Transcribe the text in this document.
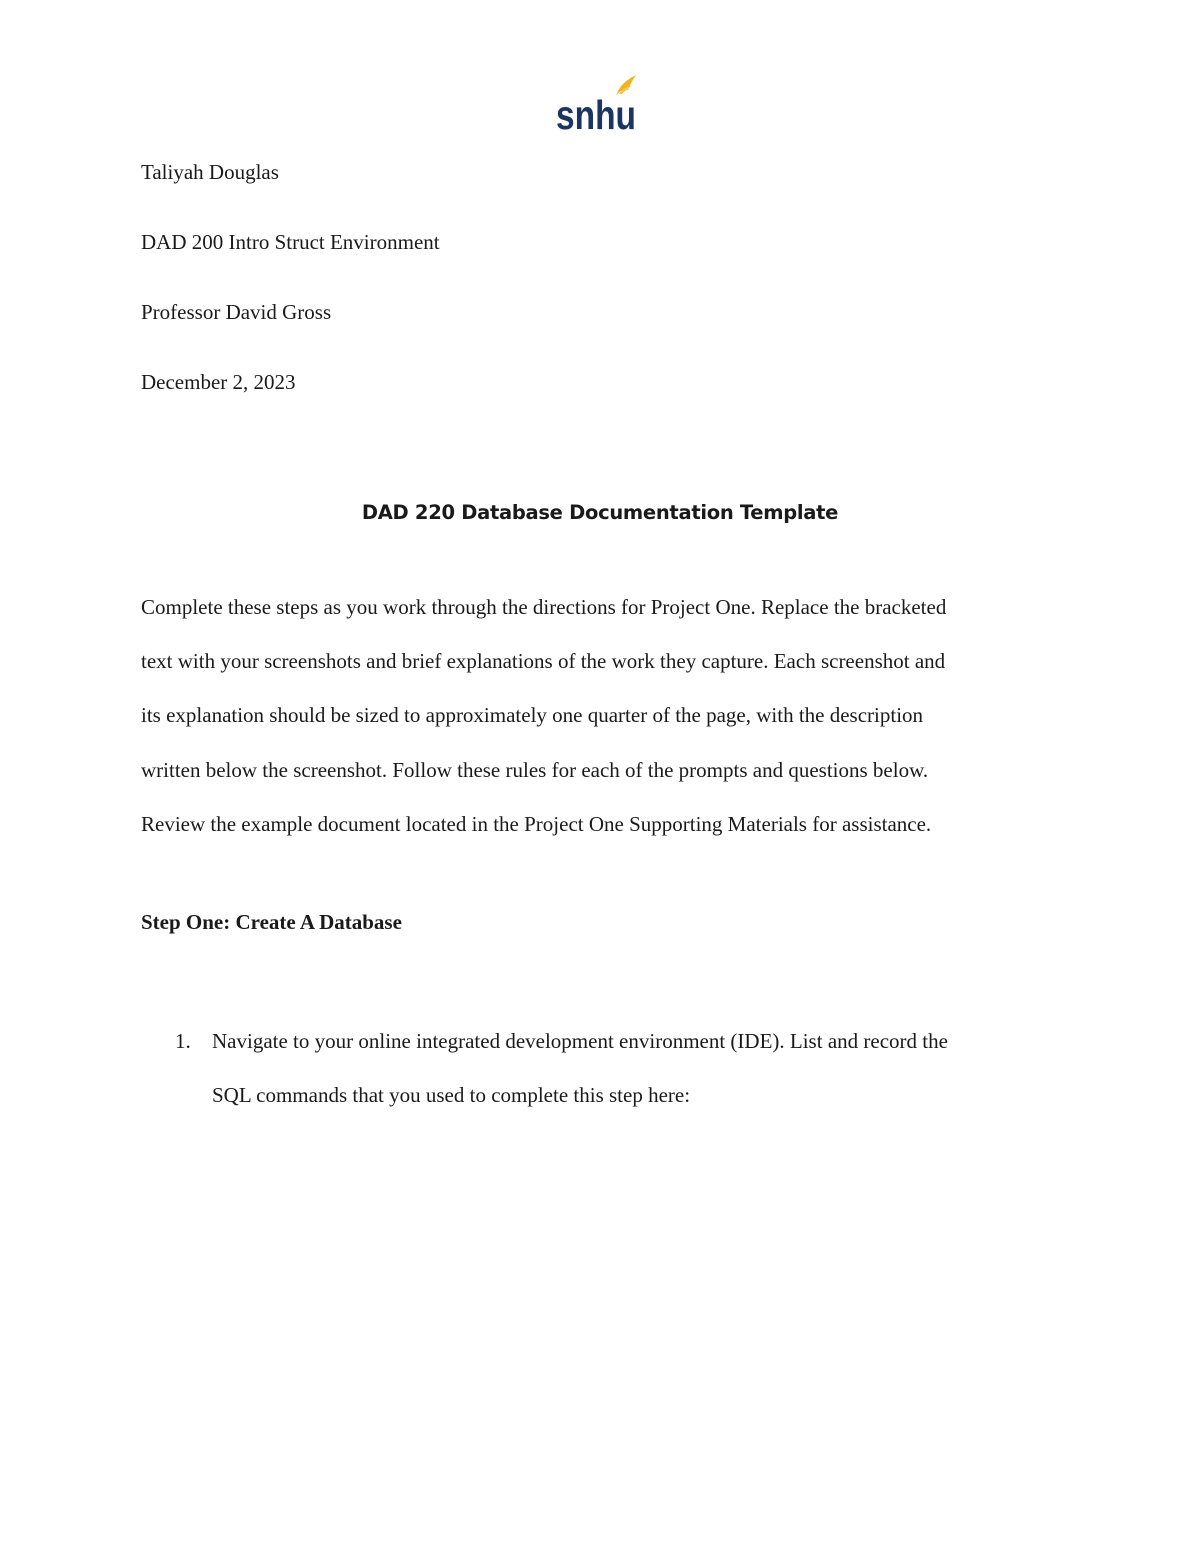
snhu
Taliyah Douglas
DAD 200 Intro Struct Environment
Professor David Gross
December 2, 2023
DAD 220 Database Documentation Template

Complete these steps as you work through the directions for Project One. Replace the bracketed
text with your screenshots and brief explanations of the work they capture. Each screenshot and
its explanation should be sized to approximately one quarter of the page, with the description
written below the screenshot. Follow these rules for each of the prompts and questions below.
Review the example document located in the Project One Supporting Materials for assistance.

Step One: Create A Database
1. Navigate to your online integrated development environment (IDE). List and record the
SQL commands that you used to complete this step here:
